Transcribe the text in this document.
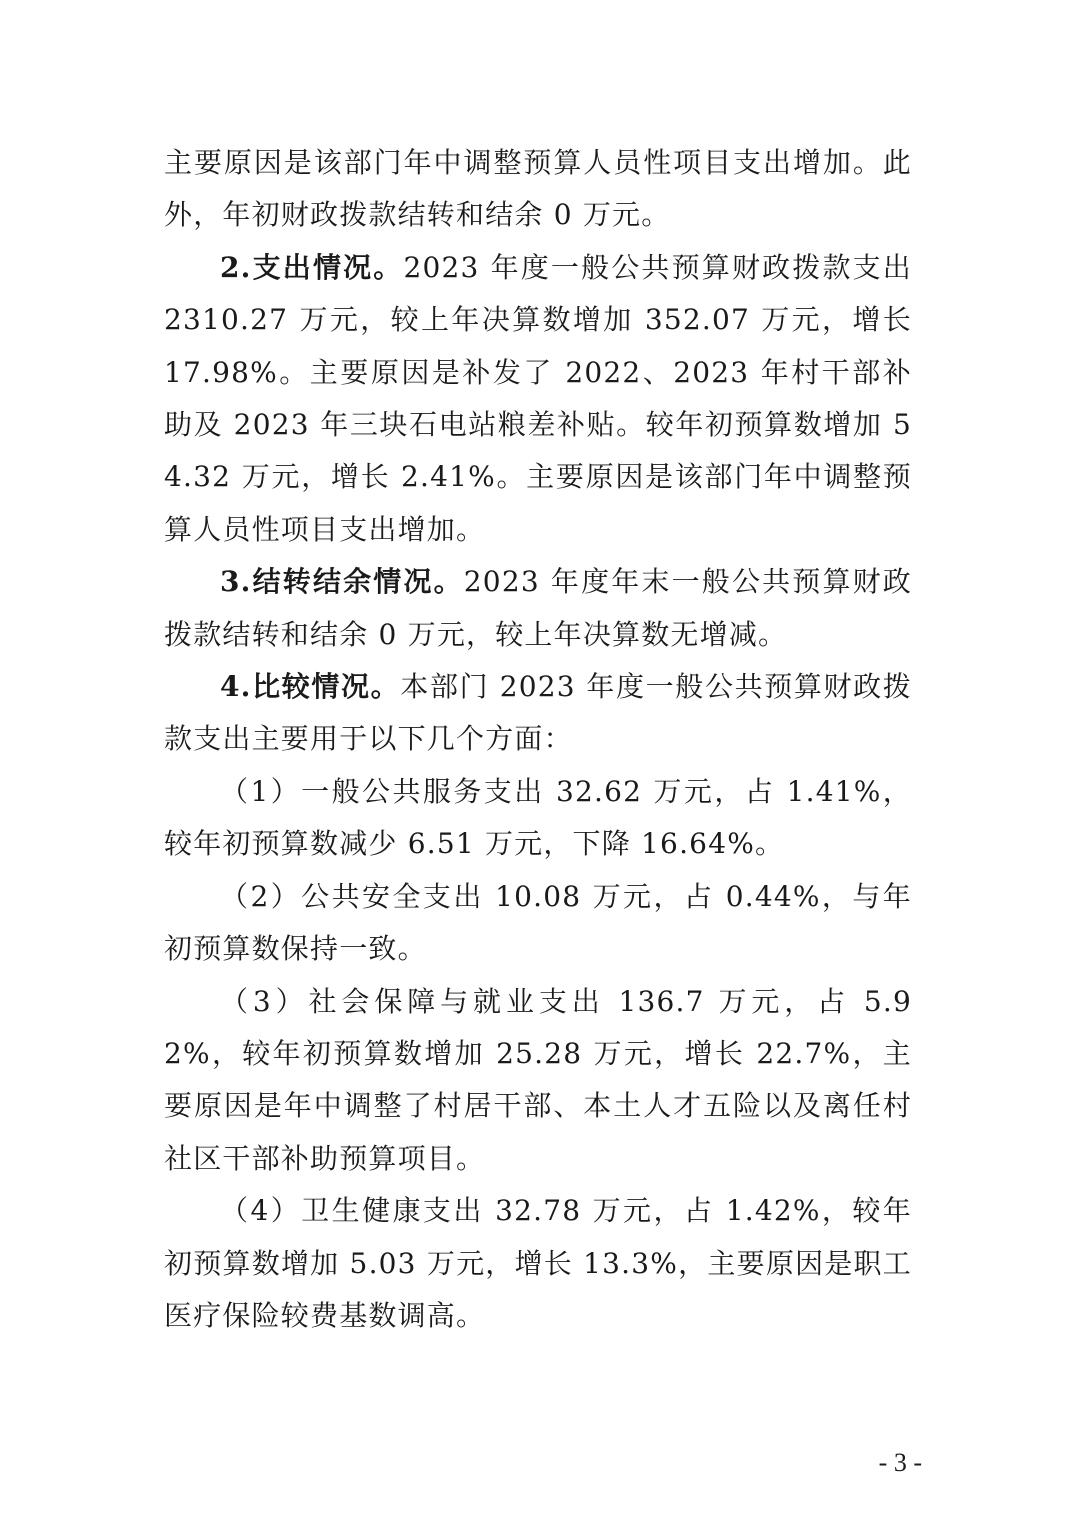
主要原因是该部门年中调整预算人员性项目支出增加。此外，年初财政拨款结转和结余 0 万元。

2.支出情况。2023 年度一般公共预算财政拨款支出 2310.27 万元，较上年决算数增加 352.07 万元，增长 17.98%。主要原因是补发了 2022、2023 年村干部补助及 2023 年三块石电站粮差补贴。较年初预算数增加 54.32 万元，增长 2.41%。主要原因是该部门年中调整预算人员性项目支出增加。

3.结转结余情况。2023 年度年末一般公共预算财政拨款结转和结余 0 万元，较上年决算数无增减。

4.比较情况。本部门 2023 年度一般公共预算财政拨款支出主要用于以下几个方面：

（1）一般公共服务支出 32.62 万元，占 1.41%，较年初预算数减少 6.51 万元，下降 16.64%。

（2）公共安全支出 10.08 万元，占 0.44%，与年初预算数保持一致。

（3）社会保障与就业支出 136.7 万元，占 5.92%，较年初预算数增加 25.28 万元，增长 22.7%，主要原因是年中调整了村居干部、本土人才五险以及离任村社区干部补助预算项目。

（4）卫生健康支出 32.78 万元，占 1.42%，较年初预算数增加 5.03 万元，增长 13.3%，主要原因是职工医疗保险较费基数调高。

- 3 -
